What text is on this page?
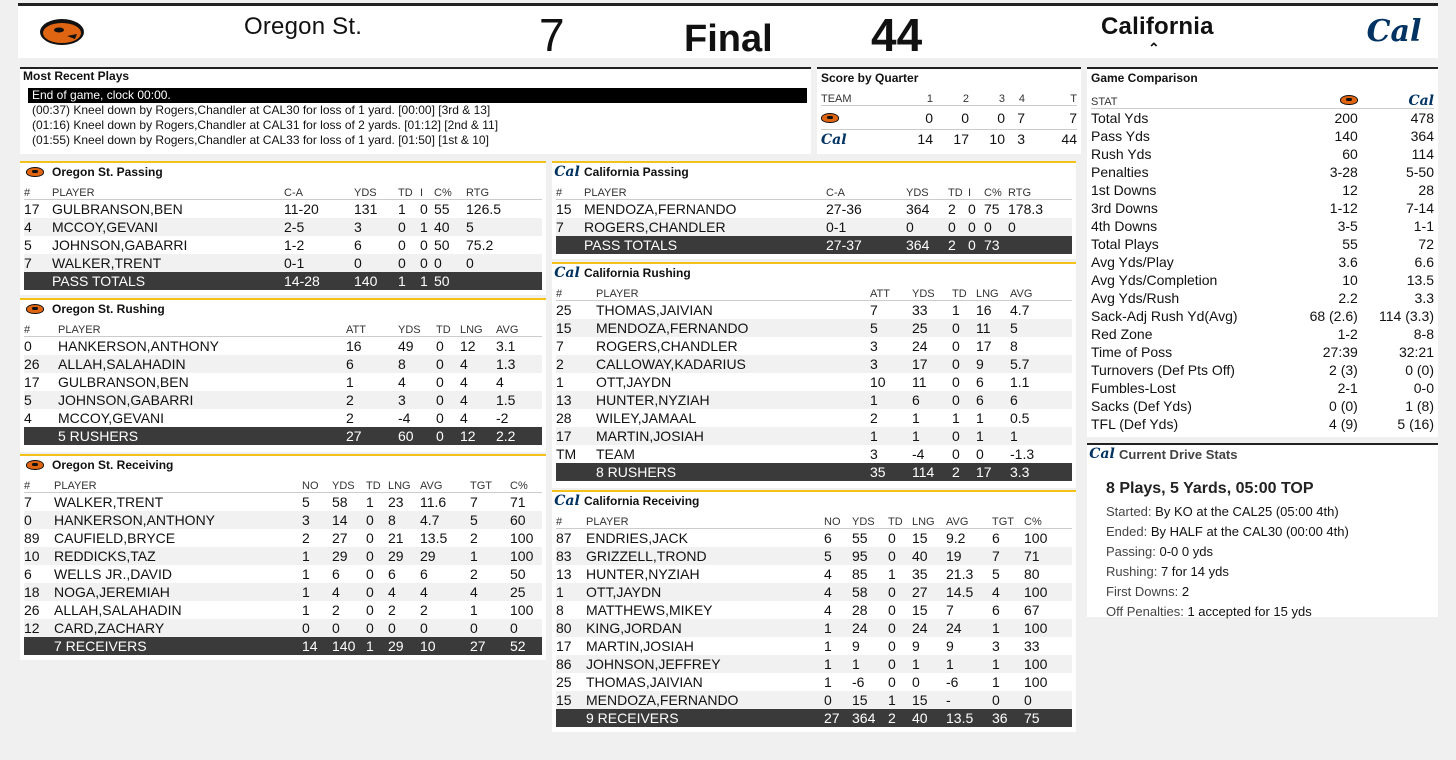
Oregon St.	7	Final 44	California
⌃	Cal
Most Recent Plays
End of game, clock 00:00.
(00:37) Kneel down by Rogers,Chandler at CAL30 for loss of 1 yard. [00:00] [3rd & 13]
(01:16) Kneel down by Rogers,Chandler at CAL31 for loss of 2 yards. [01:12] [2nd & 11]
(01:55) Kneel down by Rogers,Chandler at CAL33 for loss of 1 yard. [01:50] [1st & 10]
Score by Quarter
TEAM	1	2	3	4	T
	0	0	0	7	7
Cal	14	17	10	3	44
Game Comparison
STAT		Cal
Total Yds	200	478
Pass Yds	140	364
Rush Yds	60	114
Penalties	3-28	5-50
1st Downs	12	28
3rd Downs	1-12	7-14
4th Downs	3-5	1-1
Total Plays	55	72
Avg Yds/Play	3.6	6.6
Avg Yds/Completion	10	13.5
Avg Yds/Rush	2.2	3.3
Sack-Adj Rush Yd(Avg)	68 (2.6)	114 (3.3)
Red Zone	1-2	8-8
Time of Poss	27:39	32:21
Turnovers (Def Pts Off)	2 (3)	0 (0)
Fumbles-Lost	2-1	0-0
Sacks (Def Yds)	0 (0)	1 (8)
TFL (Def Yds)	4 (9)	5 (16)
Cal Current Drive Stats
8 Plays, 5 Yards, 05:00 TOP
Started: By KO at the CAL25 (05:00 4th)
Ended: By HALF at the CAL30 (00:00 4th)
Passing: 0-0 0 yds
Rushing: 7 for 14 yds
First Downs: 2
Off Penalties: 1 accepted for 15 yds
Oregon St. Passing
#	PLAYER	C-A	YDS	TD	I	C%	RTG
17	GULBRANSON,BEN	11-20	131	1	0	55	126.5
4	MCCOY,GEVANI	2-5	3	0	1	40	5
5	JOHNSON,GABARRI	1-2	6	0	0	50	75.2
7	WALKER,TRENT	0-1	0	0	0	0	0
	PASS TOTALS	14-28	140	1	1	50	
Oregon St. Rushing
#	PLAYER	ATT	YDS	TD	LNG	AVG
0	HANKERSON,ANTHONY	16	49	0	12	3.1
26	ALLAH,SALAHADIN	6	8	0	4	1.3
17	GULBRANSON,BEN	1	4	0	4	4
5	JOHNSON,GABARRI	2	3	0	4	1.5
4	MCCOY,GEVANI	2	-4	0	4	-2
	5 RUSHERS	27	60	0	12	2.2
Oregon St. Receiving
#	PLAYER	NO	YDS	TD	LNG	AVG	TGT	C%
7	WALKER,TRENT	5	58	1	23	11.6	7	71
0	HANKERSON,ANTHONY	3	14	0	8	4.7	5	60
89	CAUFIELD,BRYCE	2	27	0	21	13.5	2	100
10	REDDICKS,TAZ	1	29	0	29	29	1	100
6	WELLS JR.,DAVID	1	6	0	6	6	2	50
18	NOGA,JEREMIAH	1	4	0	4	4	4	25
26	ALLAH,SALAHADIN	1	2	0	2	2	1	100
12	CARD,ZACHARY	0	0	0	0	0	0	0
	7 RECEIVERS	14	140	1	29	10	27	52
Cal California Passing
#	PLAYER	C-A	YDS	TD	I	C%	RTG
15	MENDOZA,FERNANDO	27-36	364	2	0	75	178.3
7	ROGERS,CHANDLER	0-1	0	0	0	0	0
	PASS TOTALS	27-37	364	2	0	73	
Cal California Rushing
#	PLAYER	ATT	YDS	TD	LNG	AVG
25	THOMAS,JAIVIAN	7	33	1	16	4.7
15	MENDOZA,FERNANDO	5	25	0	11	5
7	ROGERS,CHANDLER	3	24	0	17	8
2	CALLOWAY,KADARIUS	3	17	0	9	5.7
1	OTT,JAYDN	10	11	0	6	1.1
13	HUNTER,NYZIAH	1	6	0	6	6
28	WILEY,JAMAAL	2	1	1	1	0.5
17	MARTIN,JOSIAH	1	1	0	1	1
TM	TEAM	3	-4	0	0	-1.3
	8 RUSHERS	35	114	2	17	3.3
Cal California Receiving
#	PLAYER	NO	YDS	TD	LNG	AVG	TGT	C%
87	ENDRIES,JACK	6	55	0	15	9.2	6	100
83	GRIZZELL,TROND	5	95	0	40	19	7	71
13	HUNTER,NYZIAH	4	85	1	35	21.3	5	80
1	OTT,JAYDN	4	58	0	27	14.5	4	100
8	MATTHEWS,MIKEY	4	28	0	15	7	6	67
80	KING,JORDAN	1	24	0	24	24	1	100
17	MARTIN,JOSIAH	1	9	0	9	9	3	33
86	JOHNSON,JEFFREY	1	1	0	1	1	1	100
25	THOMAS,JAIVIAN	1	-6	0	0	-6	1	100
15	MENDOZA,FERNANDO	0	15	1	15	-	0	0
	9 RECEIVERS	27	364	2	40	13.5	36	75
